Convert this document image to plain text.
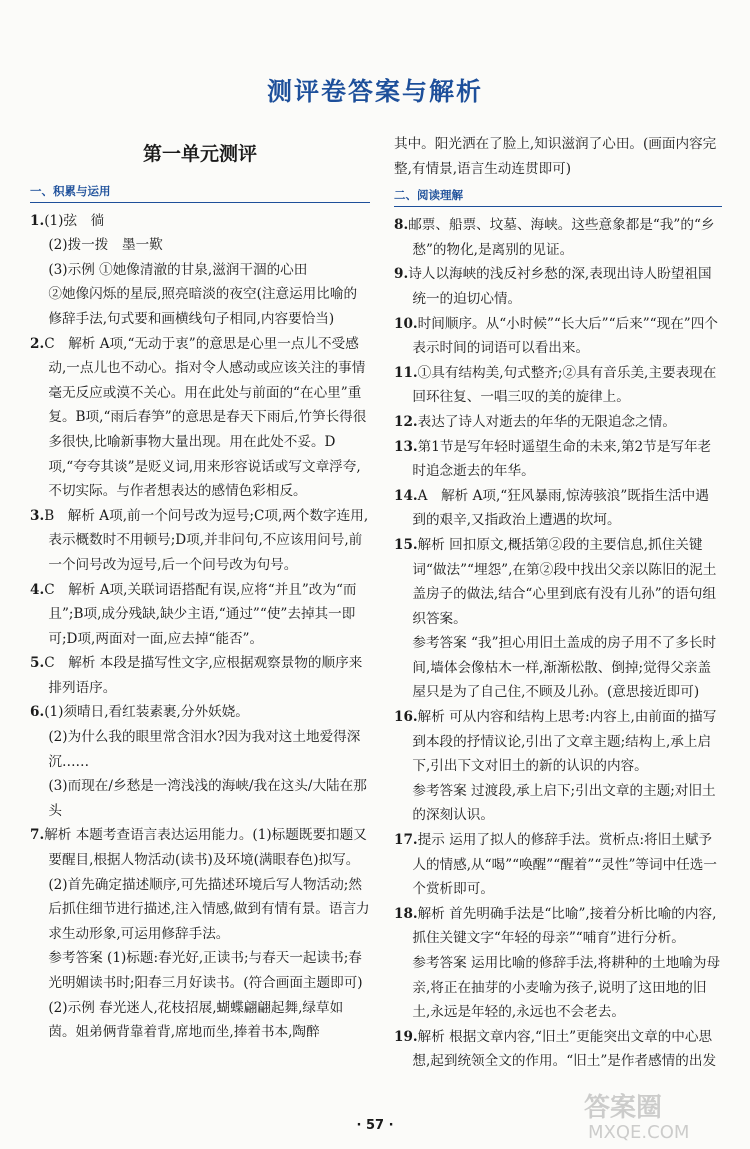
测评卷答案与解析
第一单元测评
一、积累与运用
1.(1)弦　徜
(2)拨一拨　墨一歎
(3)示例 ①她像清澈的甘泉,滋润干涸的心田
②她像闪烁的星辰,照亮暗淡的夜空(注意运用比喻的修辞手法,句式要和画横线句子相同,内容要恰当)
2.C　解析 A项,“无动于衷”的意思是心里一点儿不受感动,一点儿也不动心。指对令人感动或应该关注的事情毫无反应或漠不关心。用在此处与前面的“在心里”重复。B项,“雨后春笋”的意思是春天下雨后,竹笋长得很多很快,比喻新事物大量出现。用在此处不妥。D项,“夸夸其谈”是贬义词,用来形容说话或写文章浮夸,不切实际。与作者想表达的感情色彩相反。
3.B　解析 A项,前一个问号改为逗号;C项,两个数字连用,表示概数时不用顿号;D项,并非问句,不应该用问号,前一个问号改为逗号,后一个问号改为句号。
4.C　解析 A项,关联词语搭配有误,应将“并且”改为“而且”;B项,成分残缺,缺少主语,“通过”“使”去掉其一即可;D项,两面对一面,应去掉“能否”。
5.C　解析 本段是描写性文字,应根据观察景物的顺序来排列语序。
6.(1)须晴日,看红装素裹,分外妖娆。
(2)为什么我的眼里常含泪水?因为我对这土地爱得深沉……
(3)而现在/乡愁是一湾浅浅的海峡/我在这头/大陆在那头
7.解析 本题考查语言表达运用能力。(1)标题既要扣题又要醒目,根据人物活动(读书)及环境(满眼春色)拟写。(2)首先确定描述顺序,可先描述环境后写人物活动;然后抓住细节进行描述,注入情感,做到有情有景。语言力求生动形象,可运用修辞手法。
参考答案 (1)标题:春光好,正读书;与春天一起读书;春光明媚读书时;阳春三月好读书。(符合画面主题即可)
(2)示例 春光迷人,花枝招展,蝴蝶翩翩起舞,绿草如茵。姐弟俩背靠着背,席地而坐,捧着书本,陶醉
其中。阳光洒在了脸上,知识滋润了心田。(画面内容完整,有情景,语言生动连贯即可)
二、阅读理解
8.邮票、船票、坟墓、海峡。这些意象都是“我”的“乡愁”的物化,是离别的见证。
9.诗人以海峡的浅反衬乡愁的深,表现出诗人盼望祖国统一的迫切心情。
10.时间顺序。从“小时候”“长大后”“后来”“现在”四个表示时间的词语可以看出来。
11.①具有结构美,句式整齐;②具有音乐美,主要表现在回环往复、一唱三叹的美的旋律上。
12.表达了诗人对逝去的年华的无限追念之情。
13.第1节是写年轻时遥望生命的未来,第2节是写年老时追念逝去的年华。
14.A　解析 A项,“狂风暴雨,惊涛骇浪”既指生活中遇到的艰辛,又指政治上遭遇的坎坷。
15.解析 回扣原文,概括第②段的主要信息,抓住关键词“做法”“埋怨”,在第②段中找出父亲以陈旧的泥土盖房子的做法,结合“心里到底有没有儿孙”的语句组织答案。
参考答案 “我”担心用旧土盖成的房子用不了多长时间,墙体会像枯木一样,渐渐松散、倒掉;觉得父亲盖屋只是为了自己住,不顾及儿孙。(意思接近即可)
16.解析 可从内容和结构上思考:内容上,由前面的描写到本段的抒情议论,引出了文章主题;结构上,承上启下,引出下文对旧土的新的认识的内容。
参考答案 过渡段,承上启下;引出文章的主题;对旧土的深刻认识。
17.提示 运用了拟人的修辞手法。赏析点:将旧土赋予人的情感,从“喝”“唤醒”“醒着”“灵性”等词中任选一个赏析即可。
18.解析 首先明确手法是“比喻”,接着分析比喻的内容,抓住关键文字“年轻的母亲”“哺育”进行分析。
参考答案 运用比喻的修辞手法,将耕种的土地喻为母亲,将正在抽芽的小麦喻为孩子,说明了这田地的旧土,永远是年轻的,永远也不会老去。
19.解析 根据文章内容,“旧土”更能突出文章的中心思想,起到统领全文的作用。“旧土”是作者感情的出发
· 57 ·
答案圈
MXQE.COM
